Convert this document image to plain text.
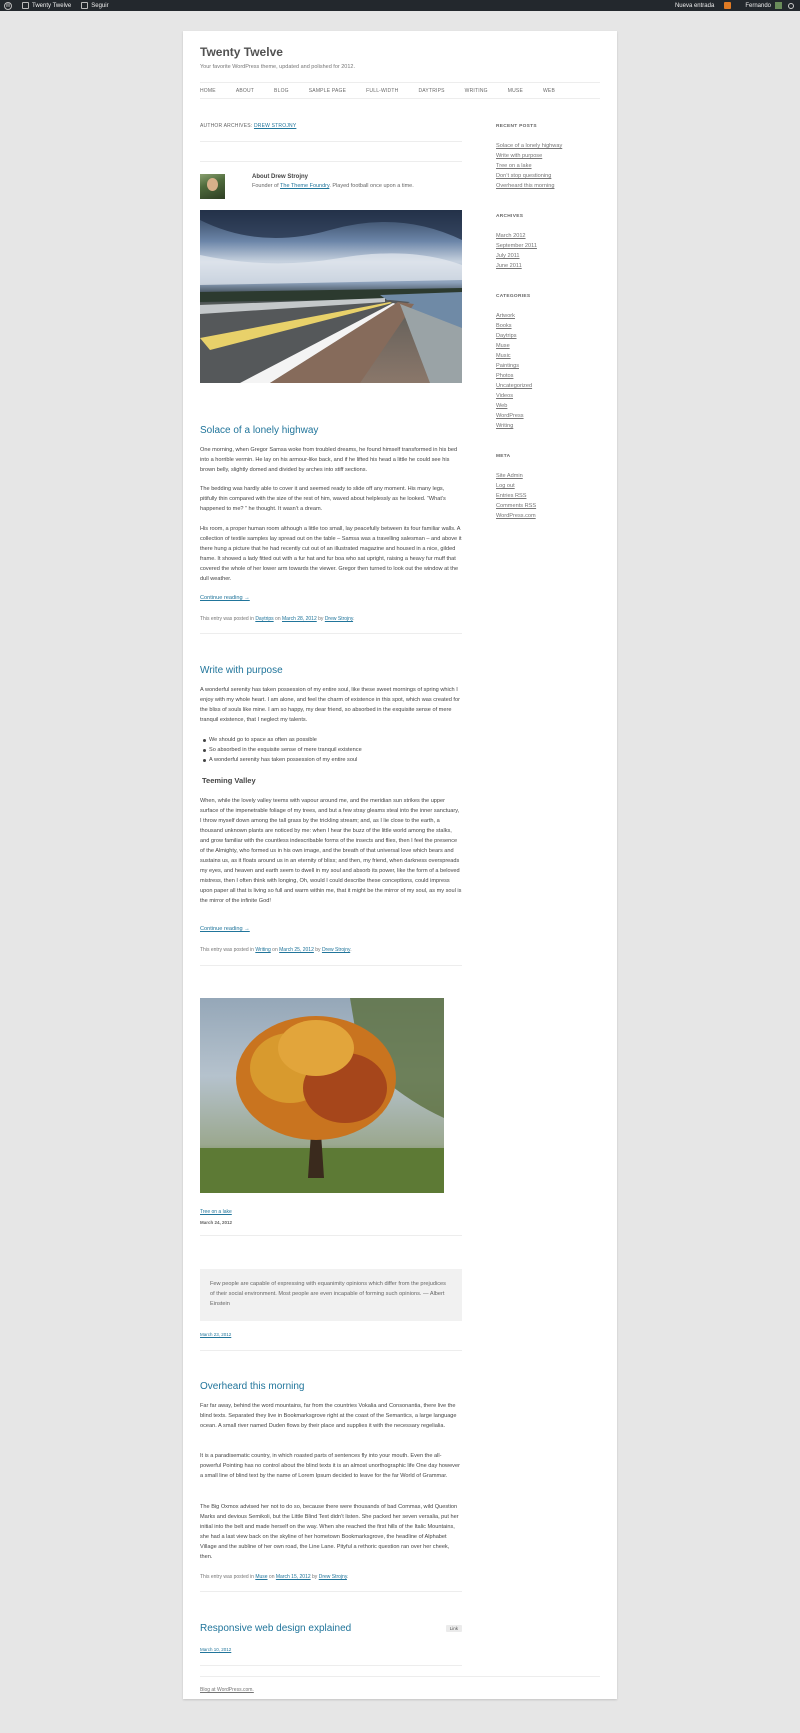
W	Twenty Twelve	Seguir	Nueva entrada	Fernando
Twenty Twelve
Your favorite WordPress theme, updated and polished for 2012.
HOME	ABOUT	BLOG	SAMPLE PAGE	FULL-WIDTH	DAYTRIPS	WRITING	MUSE	WEB
AUTHOR ARCHIVES: DREW STROJNY
About Drew Strojny
Founder of The Theme Foundry. Played football once upon a time.
Solace of a lonely highway
One morning, when Gregor Samsa woke from troubled dreams, he found himself transformed in his bed into a horrible vermin. He lay on his armour-like back, and if he lifted his head a little he could see his brown belly, slightly domed and divided by arches into stiff sections.
The bedding was hardly able to cover it and seemed ready to slide off any moment. His many legs, pitifully thin compared with the size of the rest of him, waved about helplessly as he looked. “What’s happened to me? ” he thought. It wasn’t a dream.
His room, a proper human room although a little too small, lay peacefully between its four familiar walls. A collection of textile samples lay spread out on the table – Samsa was a travelling salesman – and above it there hung a picture that he had recently cut out of an illustrated magazine and housed in a nice, gilded frame. It showed a lady fitted out with a fur hat and fur boa who sat upright, raising a heavy fur muff that covered the whole of her lower arm towards the viewer. Gregor then turned to look out the window at the dull weather.
Continue reading →
This entry was posted in Daytrips on March 28, 2012 by Drew Strojny.
Write with purpose
A wonderful serenity has taken possession of my entire soul, like these sweet mornings of spring which I enjoy with my whole heart. I am alone, and feel the charm of existence in this spot, which was created for the bliss of souls like mine. I am so happy, my dear friend, so absorbed in the exquisite sense of mere tranquil existence, that I neglect my talents.
We should go to space as often as possible
So absorbed in the exquisite sense of mere tranquil existence
A wonderful serenity has taken possession of my entire soul
Teeming Valley
When, while the lovely valley teems with vapour around me, and the meridian sun strikes the upper surface of the impenetrable foliage of my trees, and but a few stray gleams steal into the inner sanctuary, I throw myself down among the tall grass by the trickling stream; and, as I lie close to the earth, a thousand unknown plants are noticed by me: when I hear the buzz of the little world among the stalks, and grow familiar with the countless indescribable forms of the insects and flies, then I feel the presence of the Almighty, who formed us in his own image, and the breath of that universal love which bears and sustains us, as it floats around us in an eternity of bliss; and then, my friend, when darkness overspreads my eyes, and heaven and earth seem to dwell in my soul and absorb its power, like the form of a beloved mistress, then I often think with longing, Oh, would I could describe these conceptions, could impress upon paper all that is living so full and warm within me, that it might be the mirror of my soul, as my soul is the mirror of the infinite God!
Continue reading →
This entry was posted in Writing on March 25, 2012 by Drew Strojny.
Tree on a lake
March 24, 2012
Few people are capable of expressing with equanimity opinions which differ from the prejudices of their social environment. Most people are even incapable of forming such opinions. — Albert Einstein
March 23, 2012
Overheard this morning
Far far away, behind the word mountains, far from the countries Vokalia and Consonantia, there live the blind texts. Separated they live in Bookmarksgrove right at the coast of the Semantics, a large language ocean. A small river named Duden flows by their place and supplies it with the necessary regelialia.
It is a paradisematic country, in which roasted parts of sentences fly into your mouth. Even the all-powerful Pointing has no control about the blind texts it is an almost unorthographic life One day however a small line of blind text by the name of Lorem Ipsum decided to leave for the far World of Grammar.
The Big Oxmox advised her not to do so, because there were thousands of bad Commas, wild Question Marks and devious Semikoli, but the Little Blind Text didn’t listen. She packed her seven versalia, put her initial into the belt and made herself on the way. When she reached the first hills of the Italic Mountains, she had a last view back on the skyline of her hometown Bookmarksgrove, the headline of Alphabet Village and the subline of her own road, the Line Lane. Pityful a rethoric question ran over her cheek, then.
This entry was posted in Muse on March 15, 2012 by Drew Strojny.
Responsive web design explained	Link
March 10, 2012
RECENT POSTS
Solace of a lonely highway
Write with purpose
Tree on a lake
Don’t stop questioning
Overheard this morning
ARCHIVES
March 2012
September 2011
July 2011
June 2011
CATEGORIES
Artwork
Books
Daytrips
Muse
Music
Paintings
Photos
Uncategorized
Videos
Web
WordPress
Writing
META
Site Admin
Log out
Entries RSS
Comments RSS
WordPress.com
Blog at WordPress.com.
